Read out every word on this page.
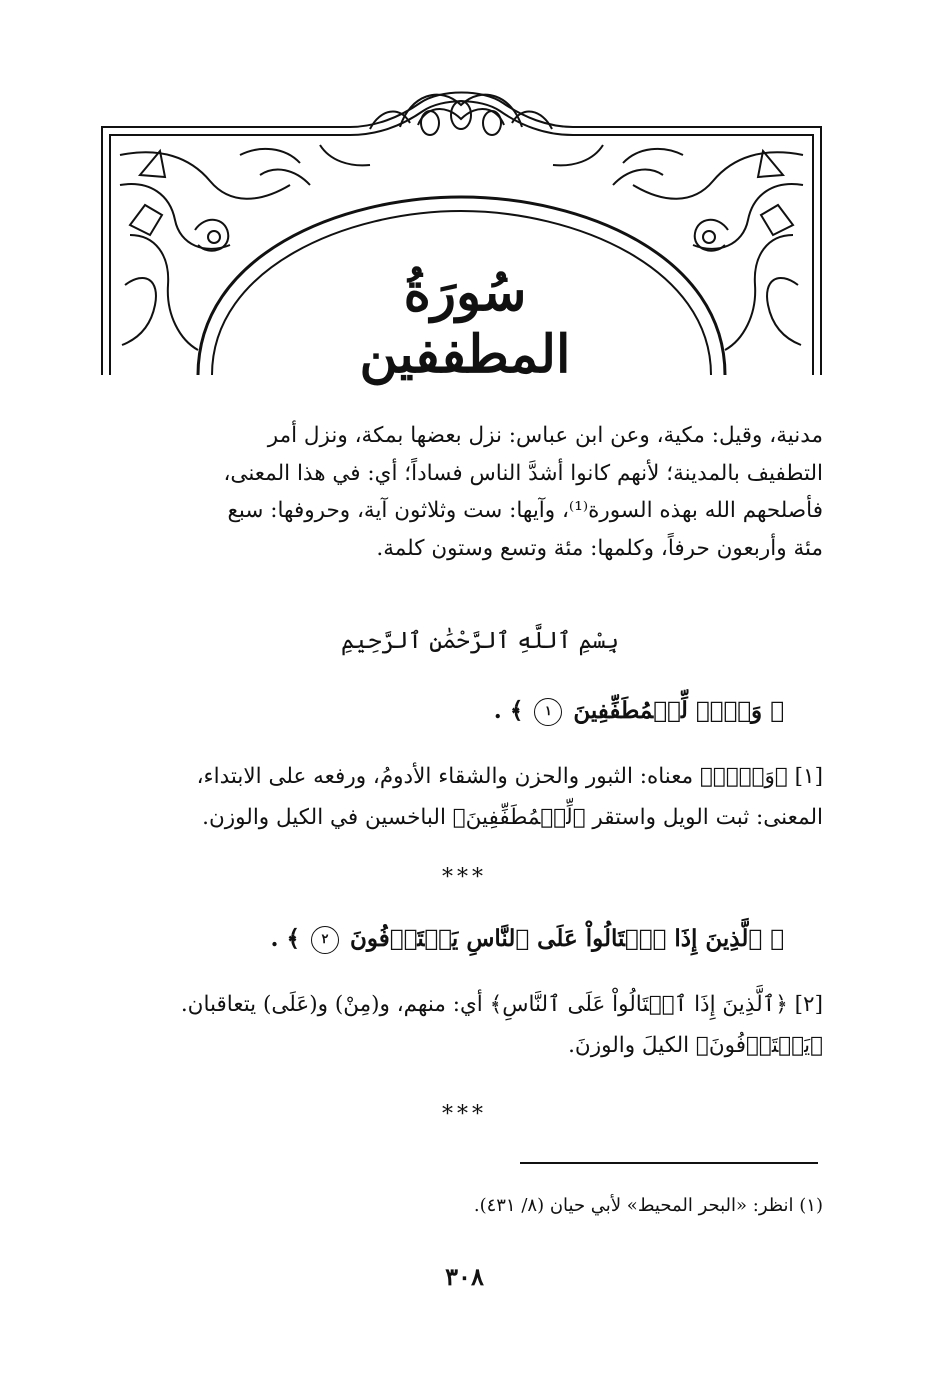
سُورَةُ المطففين

مدنية، وقيل: مكية، وعن ابن عباس: نزل بعضها بمكة، ونزل أمر

التطفيف بالمدينة؛ لأنهم كانوا أشدَّ الناس فساداً؛ أي: في هذا المعنى،

فأصلحهم الله بهذه السورة⁽¹⁾، وآيها: ست وثلاثون آية، وحروفها: سبع

مئة وأربعون حرفاً، وكلمها: مئة وتسع وستون كلمة.

بِسْمِ ٱللَّهِ ٱلرَّحْمَٰنِ ٱلرَّحِيمِ
﴿ وَيۡلٞ لِّلۡمُطَفِّفِينَ ١ ﴾ .
[١] ﴿وَيۡلٞ﴾ معناه: الثبور والحزن والشقاء الأدومُ، ورفعه على الابتداء،
المعنى: ثبت الويل واستقر ﴿لِّلۡمُطَفِّفِينَ﴾ الباخسين في الكيل والوزن.
***
﴿ ٱلَّذِينَ إِذَا ٱكۡتَالُواْ عَلَى ٱلنَّاسِ يَسۡتَوۡفُونَ ٢ ﴾ .
[٢] ﴿ٱلَّذِينَ إِذَا ٱكۡتَالُواْ عَلَى ٱلنَّاسِ﴾ أي: منهم، و(مِنْ) و(عَلَى) يتعاقبان.
﴿يَسۡتَوۡفُونَ﴾ الكيلَ والوزنَ.
***
(١) انظر: «البحر المحيط» لأبي حيان (٨/ ٤٣١).
٣٠٨
